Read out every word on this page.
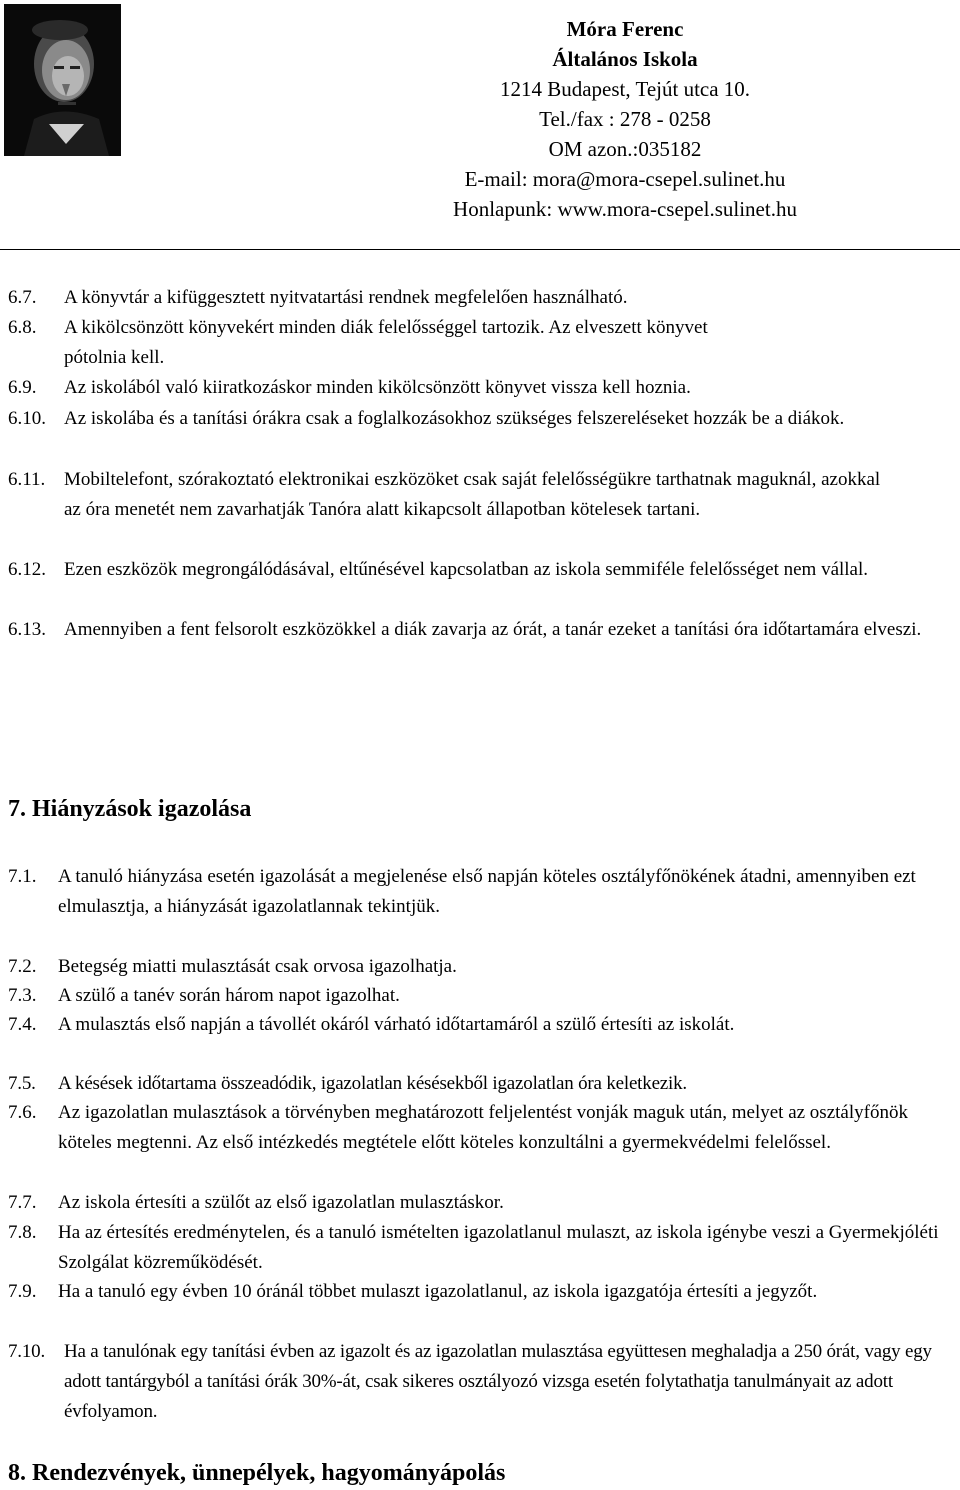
Móra Ferenc
Általános Iskola
1214 Budapest, Tejút utca 10.
Tel./fax : 278 - 0258
OM azon.:035182
E-mail: mora@mora-csepel.sulinet.hu
Honlapunk: www.mora-csepel.sulinet.hu
6.7.	A könyvtár a kifüggesztett nyitvatartási rendnek megfelelően használható.
6.8.	A kikölcsönzött könyvekért minden diák felelősséggel tartozik. Az elveszett könyvet pótolnia kell.
6.9.	Az iskolából való kiiratkozáskor minden kikölcsönzött könyvet vissza kell hoznia.
6.10. Az iskolába és a tanítási órákra csak a foglalkozásokhoz szükséges felszereléseket hozzák be a diákok.
6.11. Mobiltelefont, szórakoztató elektronikai eszközöket csak saját felelősségükre tarthatnak maguknál, azokkal az óra menetét nem zavarhatják Tanóra alatt kikapcsolt állapotban kötelesek tartani.
6.12. Ezen eszközök megrongálódásával, eltűnésével kapcsolatban az iskola semmiféle felelősséget nem vállal.
6.13. Amennyiben a fent felsorolt eszközökkel a diák zavarja az órát, a tanár ezeket a tanítási óra időtartamára elveszi.
7. Hiányzások igazolása
7.1.	A tanuló hiányzása esetén igazolását a megjelenése első napján köteles osztályfőnökének átadni, amennyiben ezt elmulasztja, a hiányzását igazolatlannak tekintjük.
7.2.	Betegség miatti mulasztását csak orvosa igazolhatja.
7.3.	A szülő a tanév során három napot igazolhat.
7.4.	A mulasztás első napján a távollét okáról várható időtartamáról a szülő értesíti az iskolát.
7.5.	A késések időtartama összeadódik, igazolatlan késésekből igazolatlan óra keletkezik.
7.6.	Az igazolatlan mulasztások a törvényben meghatározott feljelentést vonják maguk után, melyet az osztályfőnök köteles megtenni. Az első intézkedés megtétele előtt köteles konzultálni a gyermekvédelmi felelőssel.
7.7.	Az iskola értesíti a szülőt az első igazolatlan mulasztáskor.
7.8.	Ha az értesítés eredménytelen, és a tanuló ismételten igazolatlanul mulaszt, az iskola igénybe veszi a Gyermekjóléti Szolgálat közreműködését.
7.9.	Ha a tanuló egy évben 10 óránál többet mulaszt igazolatlanul, az iskola igazgatója értesíti a jegyzőt.
7.10. Ha a tanulónak egy tanítási évben az igazolt és az igazolatlan mulasztása együttesen meghaladja a 250 órát, vagy egy adott tantárgyból a tanítási órák 30%-át, csak sikeres osztályozó vizsga esetén folytathatja tanulmányait az adott évfolyamon.
8. Rendezvények, ünnepélyek, hagyományápolás
